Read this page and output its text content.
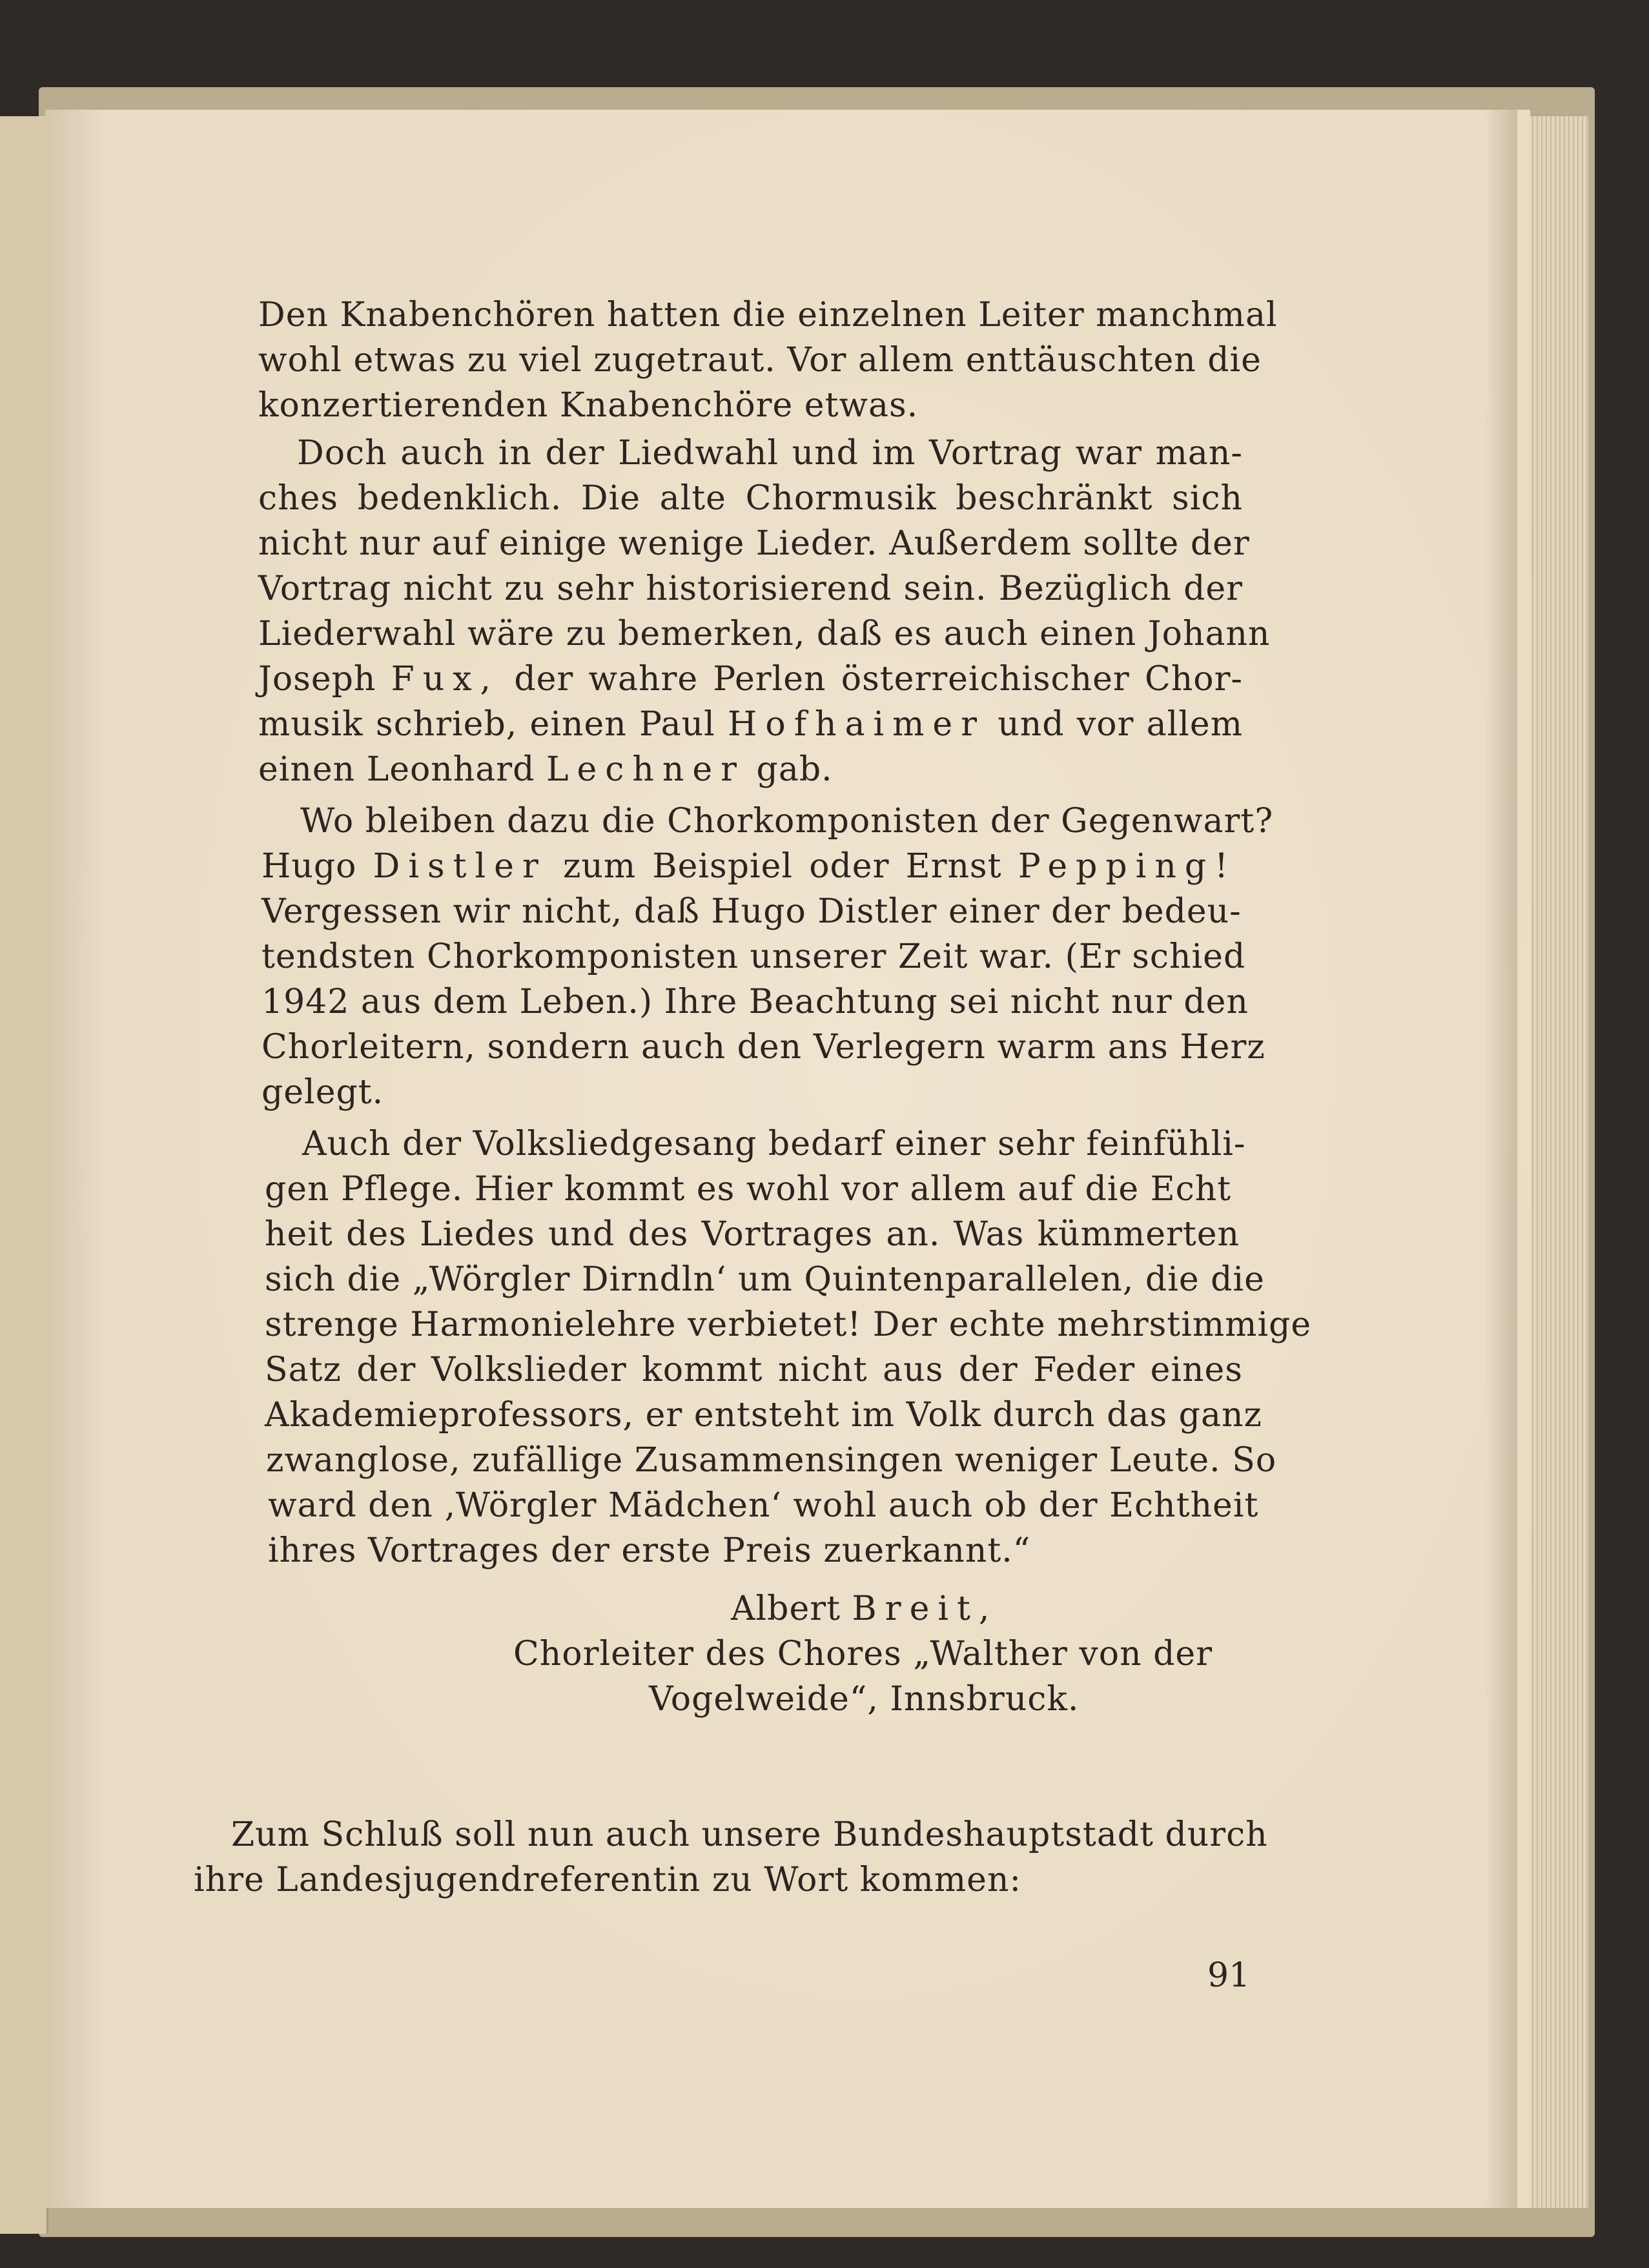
Den Knabenchören hatten die einzelnen Leiter manchmal
wohl etwas zu viel zugetraut. Vor allem enttäuschten die
konzertierenden Knabenchöre etwas.
Doch auch in der Liedwahl und im Vortrag war man-
ches bedenklich. Die alte Chormusik beschränkt sich
nicht nur auf einige wenige Lieder. Außerdem sollte der
Vortrag nicht zu sehr historisierend sein. Bezüglich der
Liederwahl wäre zu bemerken, daß es auch einen Johann
Joseph Fux, der wahre Perlen österreichischer Chor-
musik schrieb, einen Paul Hofhaimer und vor allem
einen Leonhard Lechner gab.
Wo bleiben dazu die Chorkomponisten der Gegenwart?
Hugo Distler zum Beispiel oder Ernst Pepping!
Vergessen wir nicht, daß Hugo Distler einer der bedeu-
tendsten Chorkomponisten unserer Zeit war. (Er schied
1942 aus dem Leben.) Ihre Beachtung sei nicht nur den
Chorleitern, sondern auch den Verlegern warm ans Herz
gelegt.
Auch der Volksliedgesang bedarf einer sehr feinfühli-
gen Pflege. Hier kommt es wohl vor allem auf die Echt
heit des Liedes und des Vortrages an. Was kümmerten
sich die „Wörgler Dirndln‘ um Quintenparallelen, die die
strenge Harmonielehre verbietet! Der echte mehrstimmige
Satz der Volkslieder kommt nicht aus der Feder eines
Akademieprofessors, er entsteht im Volk durch das ganz
zwanglose, zufällige Zusammensingen weniger Leute. So
ward den ‚Wörgler Mädchen‘ wohl auch ob der Echtheit
ihres Vortrages der erste Preis zuerkannt.“
Albert Breit,
Chorleiter des Chores „Walther von der
Vogelweide“, Innsbruck.
Zum Schluß soll nun auch unsere Bundeshauptstadt durch
ihre Landesjugendreferentin zu Wort kommen:
91
